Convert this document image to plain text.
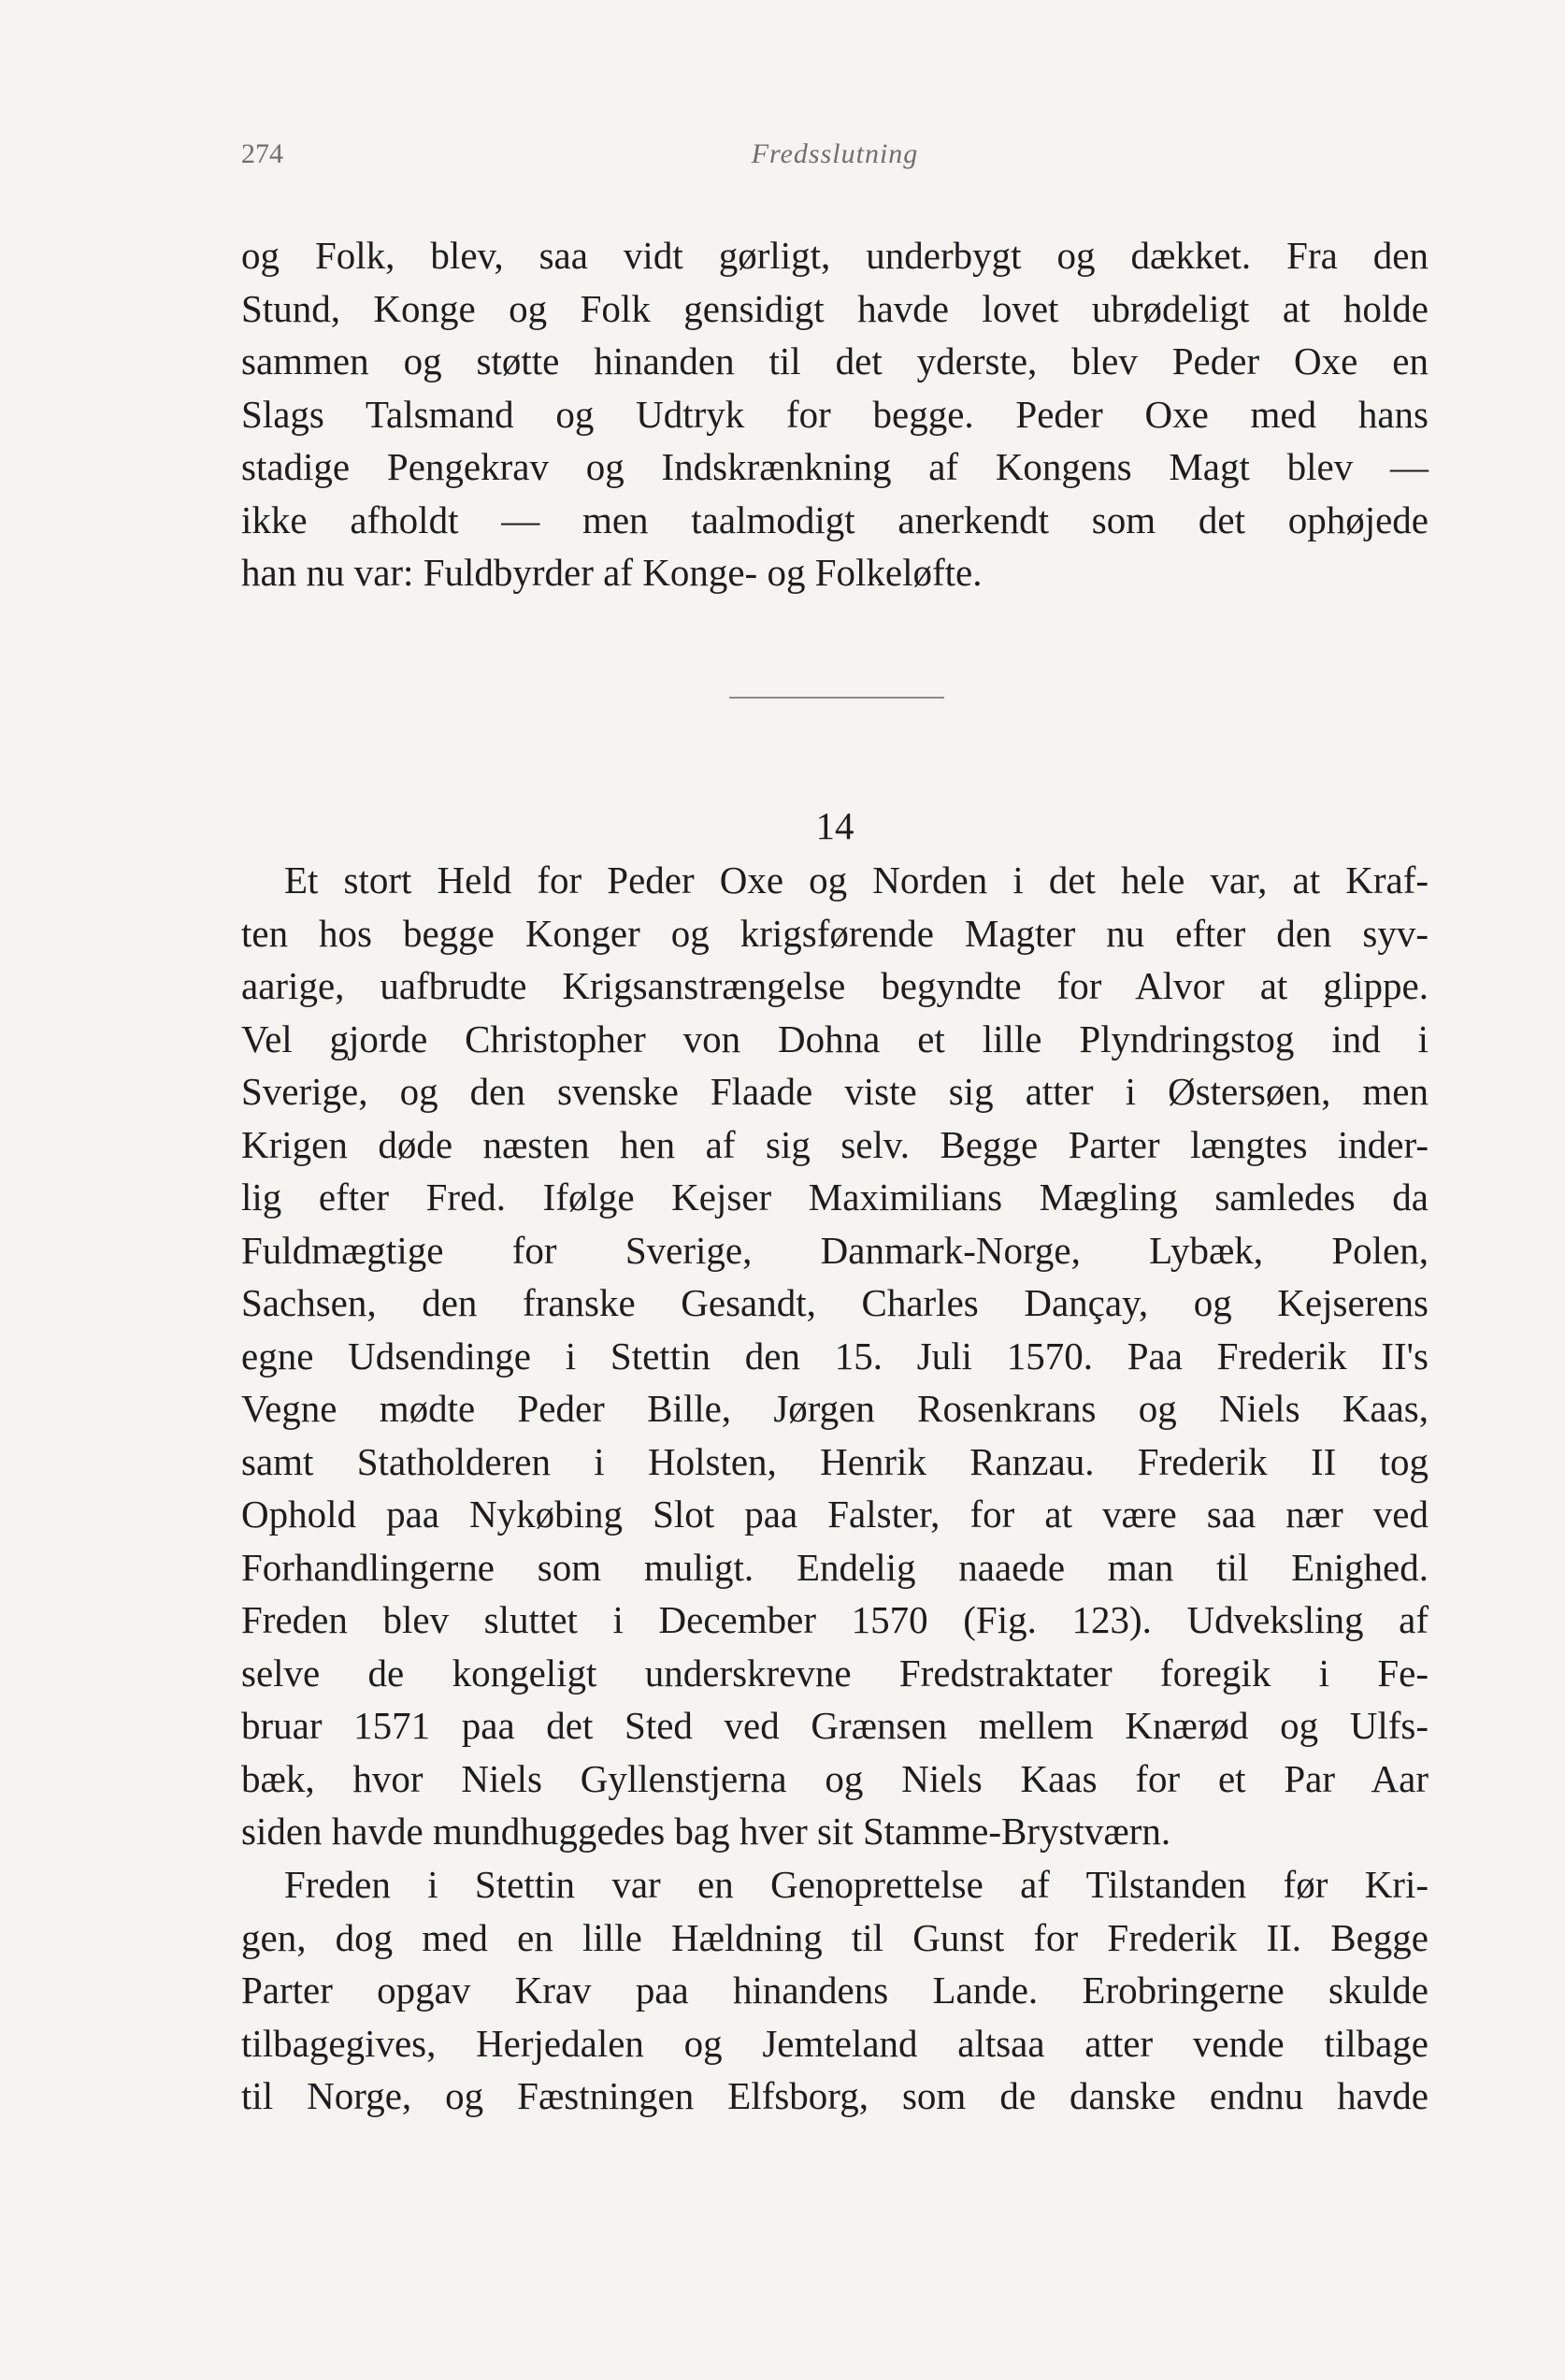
274	Fredsslutning
og Folk, blev, saa vidt gørligt, underbygt og dækket. Fra den
Stund, Konge og Folk gensidigt havde lovet ubrødeligt at holde
sammen og støtte hinanden til det yderste, blev Peder Oxe en
Slags Talsmand og Udtryk for begge. Peder Oxe med hans
stadige Pengekrav og Indskrænkning af Kongens Magt blev —
ikke afholdt — men taalmodigt anerkendt som det ophøjede
han nu var: Fuldbyrder af Konge- og Folkeløfte.
14
Et stort Held for Peder Oxe og Norden i det hele var, at Kraf-
ten hos begge Konger og krigsførende Magter nu efter den syv-
aarige, uafbrudte Krigsanstrængelse begyndte for Alvor at glippe.
Vel gjorde Christopher von Dohna et lille Plyndringstog ind i
Sverige, og den svenske Flaade viste sig atter i Østersøen, men
Krigen døde næsten hen af sig selv. Begge Parter længtes inder-
lig efter Fred. Ifølge Kejser Maximilians Mægling samledes da
Fuldmægtige for Sverige, Danmark-Norge, Lybæk, Polen,
Sachsen, den franske Gesandt, Charles Dançay, og Kejserens
egne Udsendinge i Stettin den 15. Juli 1570. Paa Frederik II's
Vegne mødte Peder Bille, Jørgen Rosenkrans og Niels Kaas,
samt Statholderen i Holsten, Henrik Ranzau. Frederik II tog
Ophold paa Nykøbing Slot paa Falster, for at være saa nær ved
Forhandlingerne som muligt. Endelig naaede man til Enighed.
Freden blev sluttet i December 1570 (Fig. 123). Udveksling af
selve de kongeligt underskrevne Fredstraktater foregik i Fe-
bruar 1571 paa det Sted ved Grænsen mellem Knærød og Ulfs-
bæk, hvor Niels Gyllenstjerna og Niels Kaas for et Par Aar
siden havde mundhuggedes bag hver sit Stamme-Brystværn.
Freden i Stettin var en Genoprettelse af Tilstanden før Kri-
gen, dog med en lille Hældning til Gunst for Frederik II. Begge
Parter opgav Krav paa hinandens Lande. Erobringerne skulde
tilbagegives, Herjedalen og Jemteland altsaa atter vende tilbage
til Norge, og Fæstningen Elfsborg, som de danske endnu havde
